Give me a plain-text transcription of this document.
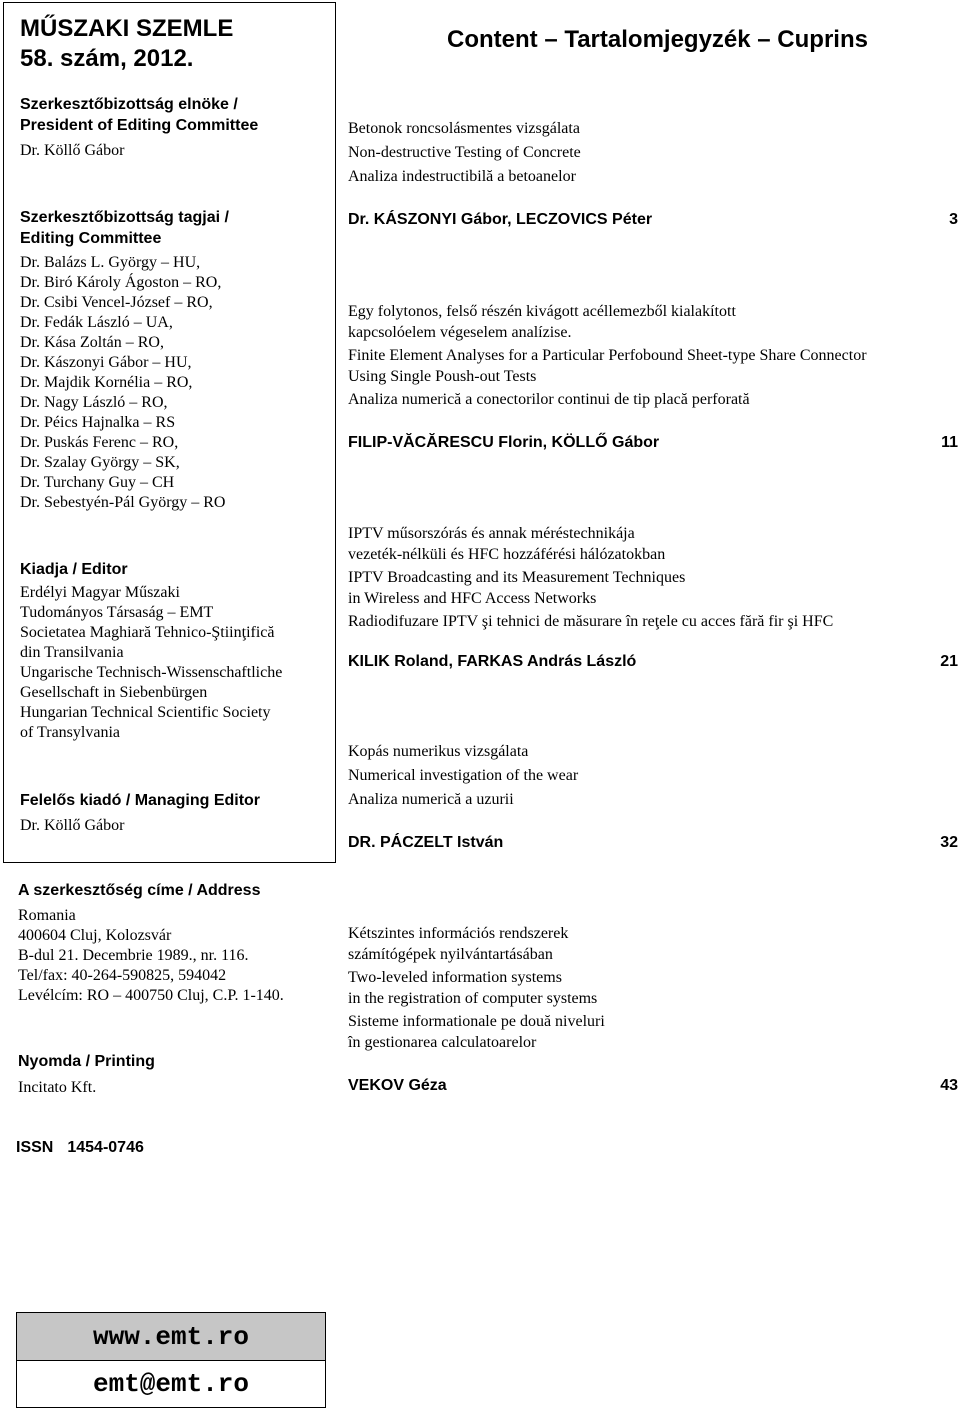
MŰSZAKI SZEMLE
58. szám, 2012.
Szerkesztőbizottság elnöke /
President of Editing Committee
Dr. Köllő Gábor
Szerkesztőbizottság tagjai /
Editing Committee
Dr. Balázs L. György – HU,
Dr. Biró Károly Ágoston – RO,
Dr. Csibi Vencel-József – RO,
Dr. Fedák László – UA,
Dr. Kása Zoltán – RO,
Dr. Kászonyi Gábor – HU,
Dr. Majdik Kornélia – RO,
Dr. Nagy László – RO,
Dr. Péics Hajnalka – RS
Dr. Puskás Ferenc – RO,
Dr. Szalay György – SK,
Dr. Turchany Guy – CH
Dr. Sebestyén-Pál György – RO
Kiadja / Editor
Erdélyi Magyar Műszaki
Tudományos Társaság – EMT
Societatea Maghiară Tehnico-Ştiinţifică
din Transilvania
Ungarische Technisch-Wissenschaftliche
Gesellschaft in Siebenbürgen
Hungarian Technical Scientific Society
of Transylvania
Felelős kiadó / Managing Editor
Dr. Köllő Gábor
A szerkesztőség címe / Address
Romania
400604 Cluj, Kolozsvár
B-dul 21. Decembrie 1989., nr. 116.
Tel/fax: 40-264-590825, 594042
Levélcím: RO – 400750 Cluj, C.P. 1-140.
Nyomda / Printing
Incitato Kft.
ISSN 1454-0746
www.emt.ro
emt@emt.ro
Content – Tartalomjegyzék – Cuprins
Betonok roncsolásmentes vizsgálata
Non-destructive Testing of Concrete
Analiza indestructibilă a betoanelor
Dr. KÁSZONYI Gábor, LECZOVICS Péter	3
Egy folytonos, felső részén kivágott acéllemezből kialakított
kapcsolóelem végeselem analízise.
Finite Element Analyses for a Particular Perfobound Sheet-type Share Connector
Using Single Poush-out Tests
Analiza numerică a conectorilor continui de tip placă perforată
FILIP-VĂCĂRESCU Florin, KÖLLŐ Gábor	11
IPTV műsorszórás és annak méréstechnikája
vezeték-nélküli és HFC hozzáférési hálózatokban
IPTV Broadcasting and its Measurement Techniques
in Wireless and HFC Access Networks
Radiodifuzare IPTV şi tehnici de măsurare în reţele cu acces fără fir şi HFC
KILIK Roland, FARKAS András László	21
Kopás numerikus vizsgálata
Numerical investigation of the wear
Analiza numerică a uzurii
DR. PÁCZELT István	32
Kétszintes információs rendszerek
számítógépek nyilvántartásában
Two-leveled information systems
in the registration of computer systems
Sisteme informationale pe două niveluri
în gestionarea calculatoarelor
VEKOV Géza	43
